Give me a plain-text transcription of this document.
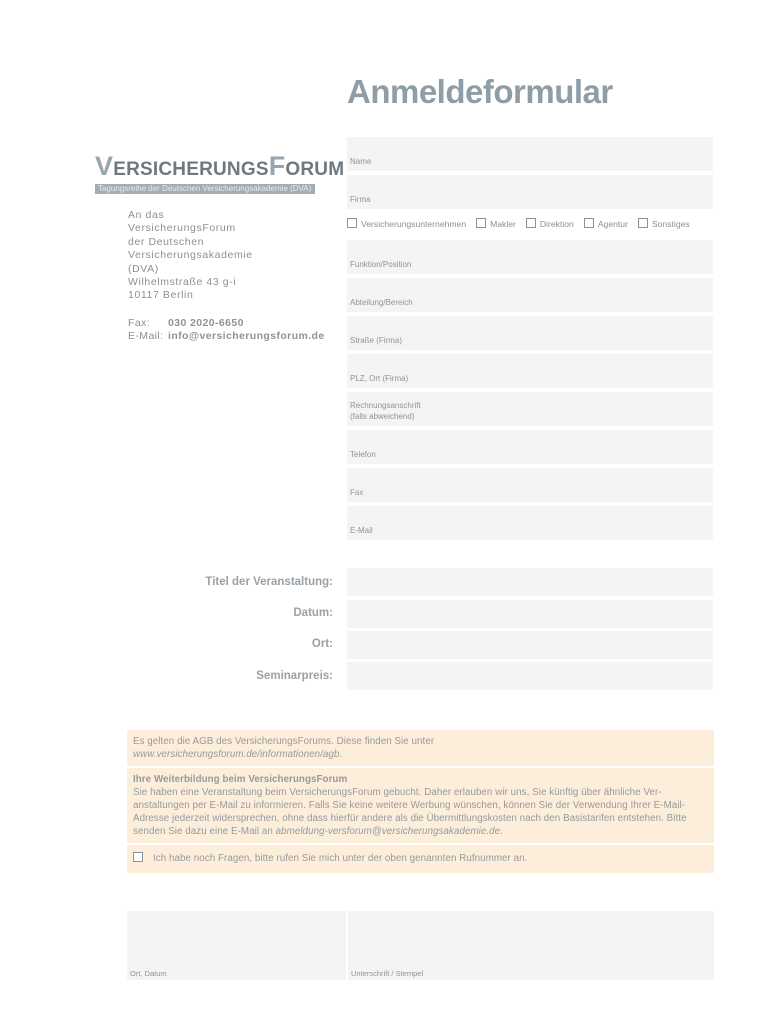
Anmeldeformular
VERSICHERUNGSFORUM
Tagungsreihe der Deutschen Versicherungsakademie (DVA)
An das
VersicherungsForum
der Deutschen
Versicherungsakademie
(DVA)
Wilhelmstraße 43 g-i
10117 Berlin
Fax: 030 2020-6650
E-Mail: info@versicherungsforum.de
Name
Firma
Versicherungsunternehmen	Makler	Direktion	Agentur	Sonstiges
Funktion/Position
Abteilung/Bereich
Straße (Firma)
PLZ, Ort (Firma)
Rechnungsanschrift
(falls abweichend)
Telefon
Fax
E-Mail
Titel der Veranstaltung:
Datum:
Ort:
Seminarpreis:
Es gelten die AGB des VersicherungsForums. Diese finden Sie unter
www.versicherungsforum.de/informationen/agb.
Ihre Weiterbildung beim VersicherungsForum
Sie haben eine Veranstaltung beim VersicherungsForum gebucht. Daher erlauben wir uns, Sie künftig über ähnliche Ver-anstaltungen per E-Mail zu informieren. Falls Sie keine weitere Werbung wünschen, können Sie der Verwendung Ihrer E-Mail-Adresse jederzeit widersprechen, ohne dass hierfür andere als die Übermittlungskosten nach den Basistarifen entstehen. Bitte senden Sie dazu eine E-Mail an abmeldung-versforum@versicherungsakademie.de.
Ich habe noch Fragen, bitte rufen Sie mich unter der oben genannten Rufnummer an.
Ort, Datum	Unterschrift / Stempel
